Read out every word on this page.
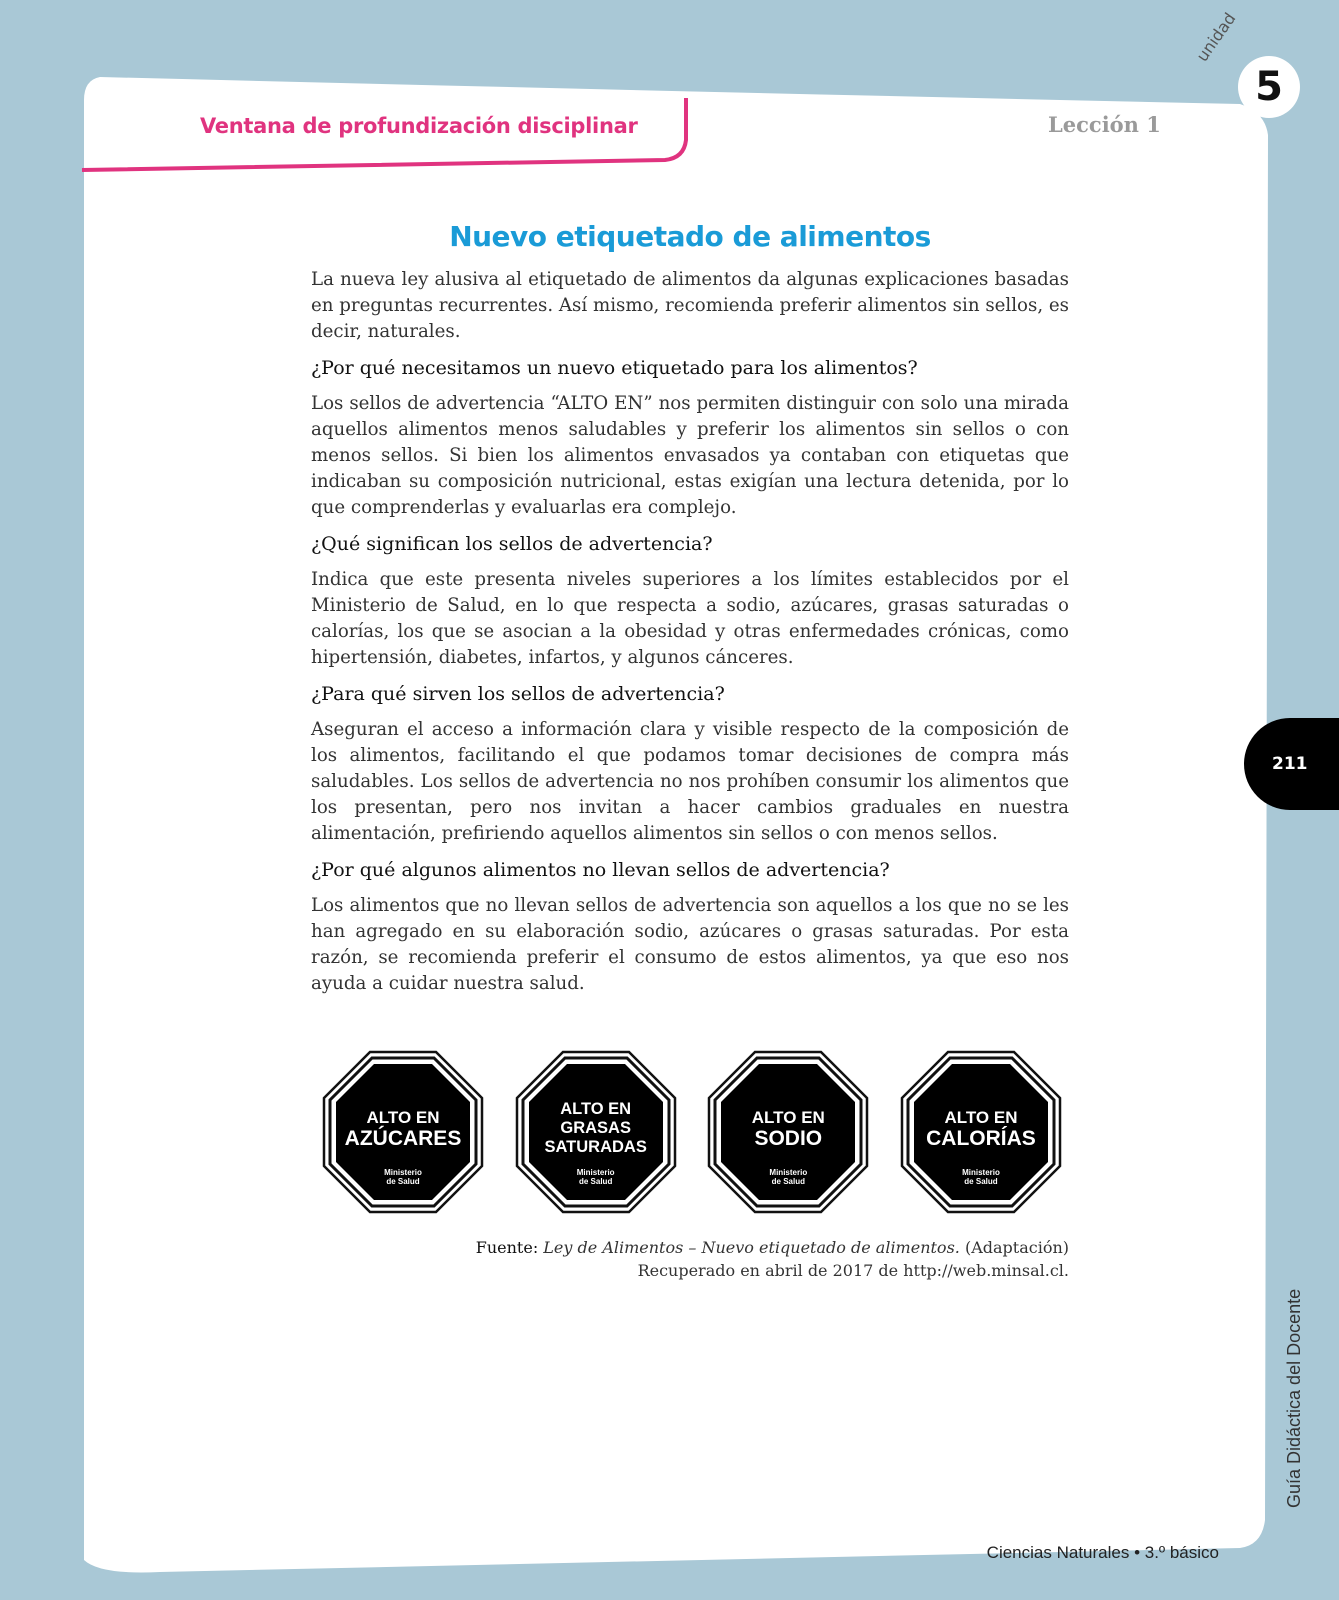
Ventana de profundización disciplinar	Lección 1
unidad
5
Nuevo etiquetado de alimentos

La nueva ley alusiva al etiquetado de alimentos da algunas explicaciones basadas en preguntas recurrentes. Así mismo, recomienda preferir alimentos sin sellos, es decir, naturales.

¿Por qué necesitamos un nuevo etiquetado para los alimentos?

Los sellos de advertencia “ALTO EN” nos permiten distinguir con solo una mirada aquellos alimentos menos saludables y preferir los alimentos sin sellos o con menos sellos. Si bien los alimentos envasados ya contaban con etiquetas que indicaban su composición nutricional, estas exigían una lectura detenida, por lo que comprenderlas y evaluarlas era complejo.

¿Qué significan los sellos de advertencia?

Indica que este presenta niveles superiores a los límites establecidos por el Ministerio de Salud, en lo que respecta a sodio, azúcares, grasas saturadas o calorías, los que se asocian a la obesidad y otras enfermedades crónicas, como hipertensión, diabetes, infartos, y algunos cánceres.

¿Para qué sirven los sellos de advertencia?

Aseguran el acceso a información clara y visible respecto de la composición de los alimentos, facilitando el que podamos tomar decisiones de compra más saludables. Los sellos de advertencia no nos prohíben consumir los alimentos que los presentan, pero nos invitan a hacer cambios graduales en nuestra alimentación, prefiriendo aquellos alimentos sin sellos o con menos sellos.

¿Por qué algunos alimentos no llevan sellos de advertencia?

Los alimentos que no llevan sellos de advertencia son aquellos a los que no se les han agregado en su elaboración sodio, azúcares o grasas saturadas. Por esta razón, se recomienda preferir el consumo de estos alimentos, ya que eso nos ayuda a cuidar nuestra salud.

ALTO EN
AZÚCARES
Ministerio
de Salud
ALTO EN
GRASAS
SATURADAS
Ministerio
de Salud
ALTO EN
SODIO
Ministerio
de Salud
ALTO EN
CALORÍAS
Ministerio
de Salud
Fuente: Ley de Alimentos – Nuevo etiquetado de alimentos. (Adaptación)
Recuperado en abril de 2017 de http://web.minsal.cl.
211
Guía Didáctica del Docente
Ciencias Naturales • 3.º básico
